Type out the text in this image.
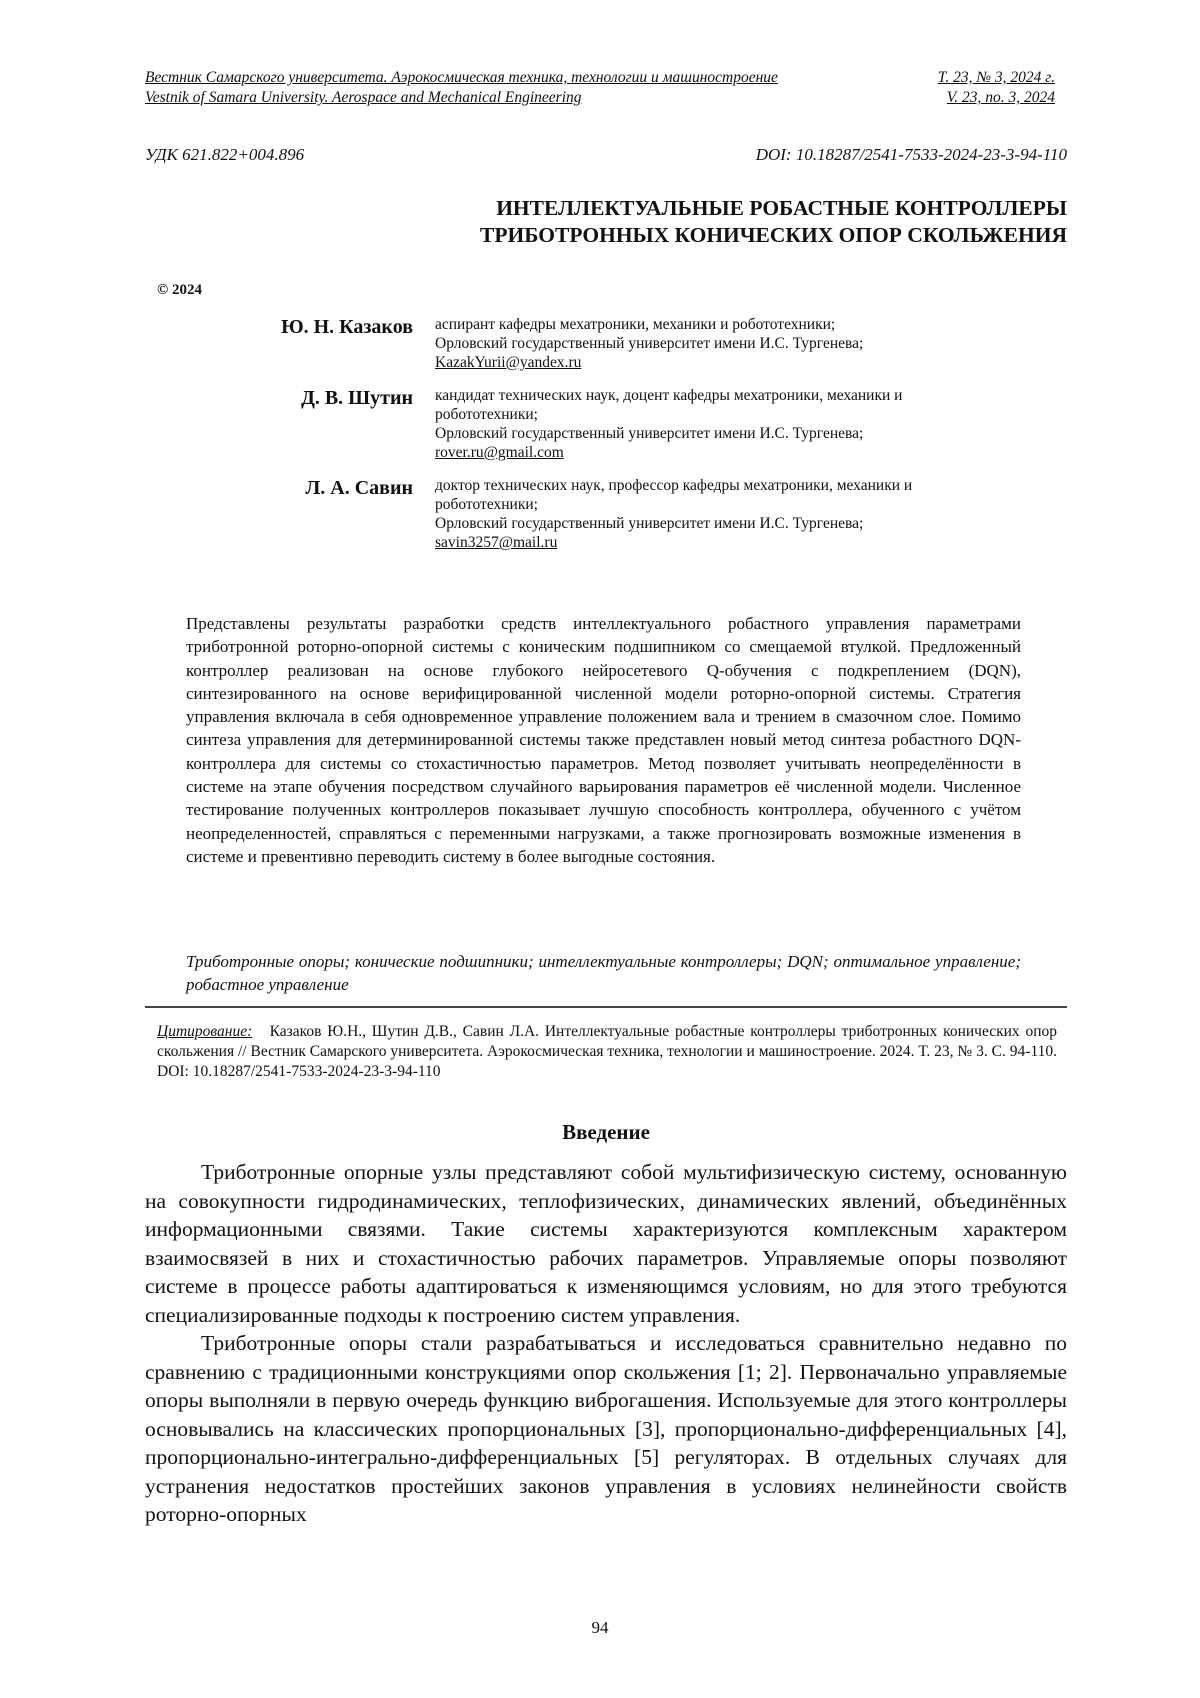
Вестник Самарского университета. Аэрокосмическая техника, технологии и машиностроение	Т. 23, № 3, 2024 г.
Vestnik of Samara University. Aerospace and Mechanical Engineering	V. 23, no. 3, 2024
УДК 621.822+004.896	DOI: 10.18287/2541-7533-2024-23-3-94-110
ИНТЕЛЛЕКТУАЛЬНЫЕ РОБАСТНЫЕ КОНТРОЛЛЕРЫ
ТРИБОТРОННЫХ КОНИЧЕСКИХ ОПОР СКОЛЬЖЕНИЯ
© 2024
Ю. Н. Казаков	аспирант кафедры мехатроники, механики и робототехники;
Орловский государственный университет имени И.С. Тургенева;
KazakYurii@yandex.ru
Д. В. Шутин	кандидат технических наук, доцент кафедры мехатроники, механики и робототехники;
Орловский государственный университет имени И.С. Тургенева;
rover.ru@gmail.com
Л. А. Савин	доктор технических наук, профессор кафедры мехатроники, механики и робототехники;
Орловский государственный университет имени И.С. Тургенева;
savin3257@mail.ru
Представлены результаты разработки средств интеллектуального робастного управления параметрами триботронной роторно-опорной системы с коническим подшипником со смещаемой втулкой. Предложенный контроллер реализован на основе глубокого нейросетевого Q-обучения с подкреплением (DQN), синтезированного на основе верифицированной численной модели роторно-опорной системы. Стратегия управления включала в себя одновременное управление положением вала и трением в смазочном слое. Помимо синтеза управления для детерминированной системы также представлен новый метод синтеза робастного DQN-контроллера для системы со стохастичностью параметров. Метод позволяет учитывать неопределённости в системе на этапе обучения посредством случайного варьирования параметров её численной модели. Численное тестирование полученных контроллеров показывает лучшую способность контроллера, обученного с учётом неопределенностей, справляться с переменными нагрузками, а также прогнозировать возможные изменения в системе и превентивно переводить систему в более выгодные состояния.
Триботронные опоры; конические подшипники; интеллектуальные контроллеры; DQN; оптимальное управление; робастное управление
Цитирование: Казаков Ю.Н., Шутин Д.В., Савин Л.А. Интеллектуальные робастные контроллеры триботронных конических опор скольжения // Вестник Самарского университета. Аэрокосмическая техника, технологии и машиностроение. 2024. Т. 23, № 3. С. 94-110. DOI: 10.18287/2541-7533-2024-23-3-94-110
Введение

Триботронные опорные узлы представляют собой мультифизическую систему, основанную на совокупности гидродинамических, теплофизических, динамических явлений, объединённых информационными связями. Такие системы характеризуются комплексным характером взаимосвязей в них и стохастичностью рабочих параметров. Управляемые опоры позволяют системе в процессе работы адаптироваться к изменяющимся условиям, но для этого требуются специализированные подходы к построению систем управления.

Триботронные опоры стали разрабатываться и исследоваться сравнительно недавно по сравнению с традиционными конструкциями опор скольжения [1; 2]. Первоначально управляемые опоры выполняли в первую очередь функцию виброгашения. Используемые для этого контроллеры основывались на классических пропорциональных [3], пропорционально-дифференциальных [4], пропорционально-интегрально-дифференциальных [5] регуляторах. В отдельных случаях для устранения недостатков простейших законов управления в условиях нелинейности свойств роторно-опорных

94
